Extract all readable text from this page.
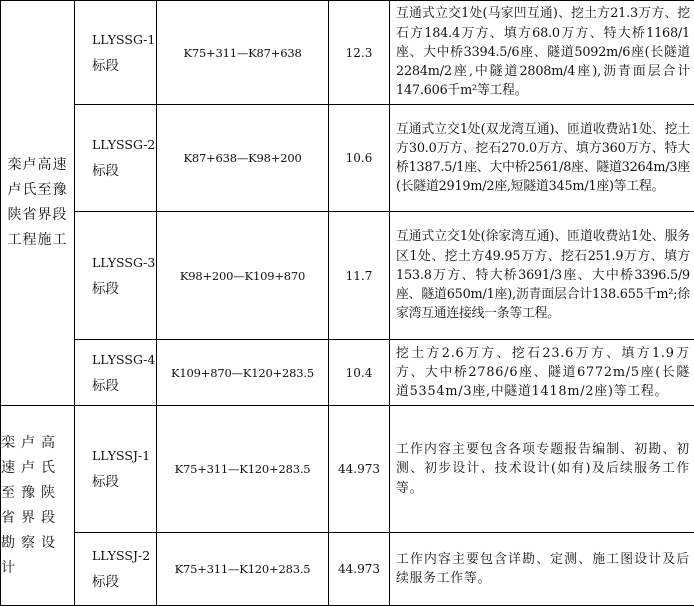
栾卢高速卢氏至豫陕省界段工程施工	LLYSSG-1
标段	K75+311—K87+638	12.3	互通式立交1处(马家凹互通)、挖土方21.3万方、挖石方184.4万方、填方68.0万方、特大桥1168/1座、大中桥3394.5/6座、隧道5092m/6座(长隧道2284m/2座,中隧道2808m/4座),沥青面层合计147.606千m²等工程。

	LLYSSG-2
标段	K87+638—K98+200	10.6	互通式立交1处(双龙湾互通)、匝道收费站1处、挖土方30.0万方、挖石270.0万方、填方360万方、特大桥1387.5/1座、大中桥2561/8座、隧道3264m/3座(长隧道2919m/2座,短隧道345m/1座)等工程。

	LLYSSG-3
标段	K98+200—K109+870	11.7	互通式立交1处(徐家湾互通)、匝道收费站1处、服务区1处、挖土方49.95万方、挖石251.9万方、填方153.8万方、特大桥3691/3座、大中桥3396.5/9座、隧道650m/1座),沥青面层合计138.655千m²;徐家湾互通连接线一条等工程。

	LLYSSG-4
标段	K109+870—K120+283.5	10.4	挖土方2.6万方、挖石23.6万方、填方1.9万方、大中桥2786/6座、隧道6772m/5座(长隧道5354m/3座,中隧道1418m/2座)等工程。
栾卢高速卢氏至豫陕省界段勘察设计	LLYSSJ-1
标段	K75+311—K120+283.5	44.973	工作内容主要包含各项专题报告编制、初勘、初测、初步设计、技术设计(如有)及后续服务工作等。

	LLYSSJ-2
标段	K75+311—K120+283.5	44.973	工作内容主要包含详勘、定测、施工图设计及后续服务工作等。
